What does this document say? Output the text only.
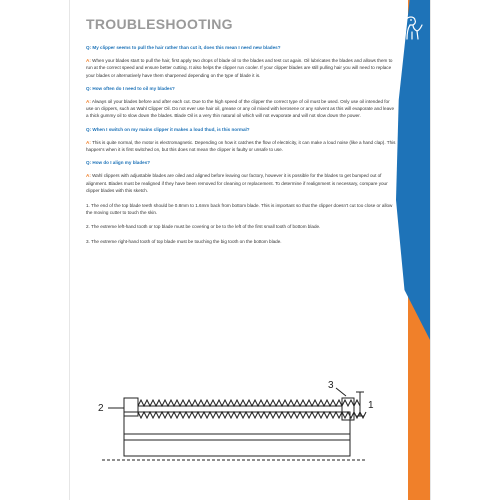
TROUBLESHOOTING
Q: My clipper seems to pull the hair rather than cut it, does this mean I need new blades?
A: When your blades start to pull the hair, first apply two drops of blade oil to the blades and test cut again. Oil lubricates the blades and allows them to run at the correct speed and ensure better cutting. It also helps the clipper run cooler. If your clipper blades are still pulling hair you will need to replace your blades or alternatively have them sharpened depending on the type of blade it is.
Q: How often do I need to oil my blades?
A: Always oil your blades before and after each cut. Due to the high speed of the clipper the correct type of oil must be used. Only use oil intended for use on clippers, such as Wahl Clipper Oil. Do not ever use hair oil, grease or any oil mixed with kerosene or any solvent as this will evaporate and leave a thick gummy oil to slow down the blades. Blade Oil is a very thin natural oil which will not evaporate and will not slow down the power.
Q: When I switch on my mains clipper it makes a loud thud, is this normal?
A: This is quite normal, the motor is electromagnetic. Depending on how it catches the flow of electricity, it can make a loud noise (like a hand clap). This happen's when it is first switched on, but this does not mean the clipper is faulty or unsafe to use.
Q: How do I align my blades?
A: Wahl clippers with adjustable blades are oiled and aligned before leaving our factory, however it is possible for the blades to get bumped out of alignment. Blades must be realigned if they have been removed for cleaning or replacement. To determine if realignment is necessary, compare your clipper blades with this sketch.
1. The end of the top blade teeth should be 0.8mm to 1.6mm back from bottom blade. This is important so that the clipper doesn't cut too close or allow the moving cutter to touch the skin.
2. The extreme left-hand tooth or top blade must be covering or be to the left of the first small tooth of bottom blade.
3. The extreme right-hand tooth of top blade must be touching the big tooth on the bottom blade.
2
3
1
